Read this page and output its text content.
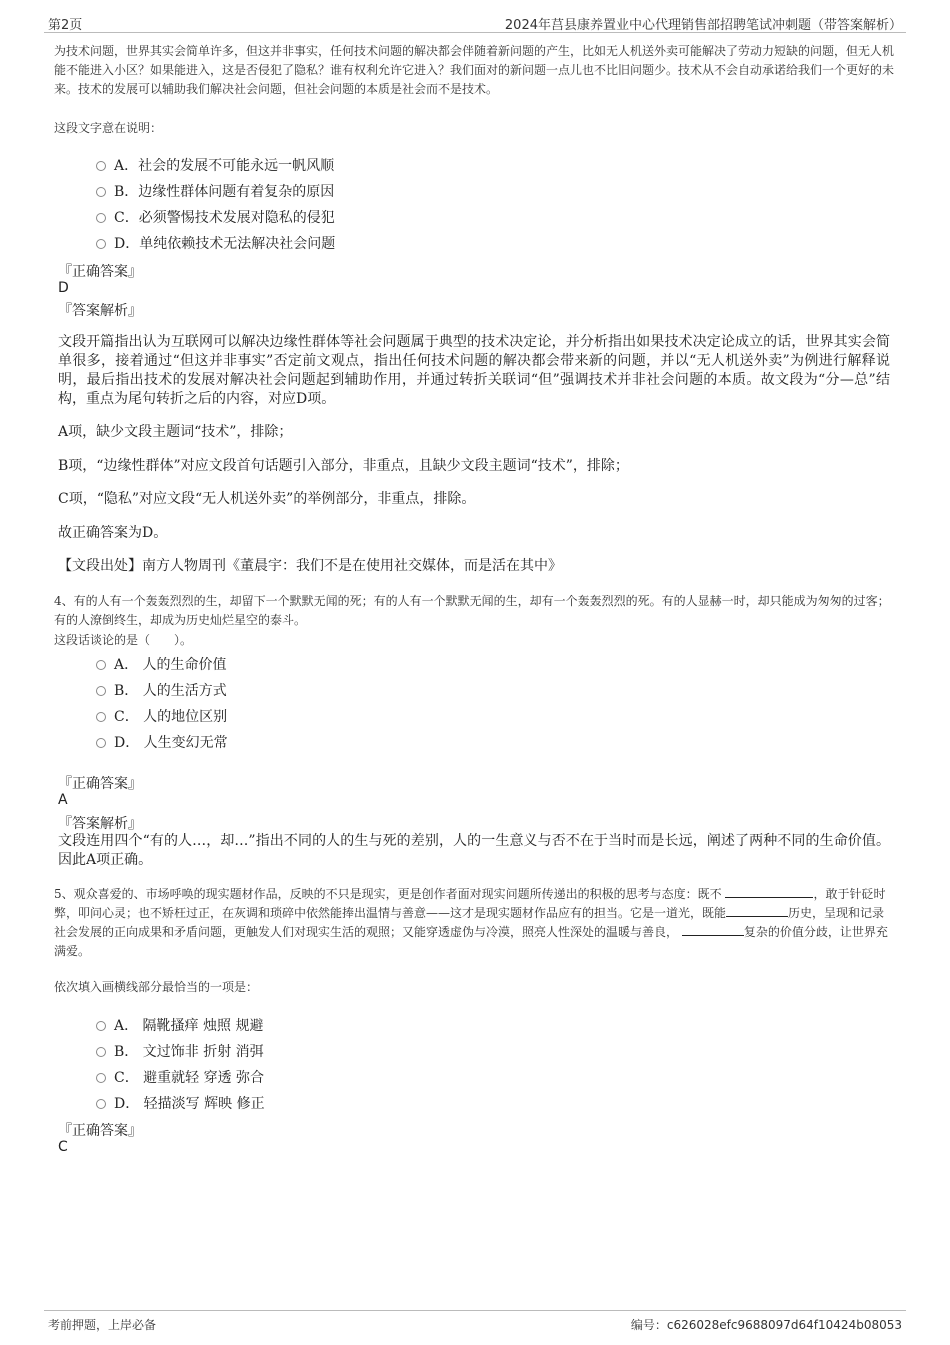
第2页	2024年莒县康养置业中心代理销售部招聘笔试冲刺题（带答案解析）
为技术问题，世界其实会简单许多，但这并非事实，任何技术问题的解决都会伴随着新问题的产生，比如无人机送外卖可能解决了劳动力短缺的问题，但无人机能不能进入小区？如果能进入，这是否侵犯了隐私？谁有权利允许它进入？我们面对的新问题一点儿也不比旧问题少。技术从不会自动承诺给我们一个更好的未来。技术的发展可以辅助我们解决社会问题，但社会问题的本质是社会而不是技术。
这段文字意在说明：
A．社会的发展不可能永远一帆风顺
B．边缘性群体问题有着复杂的原因
C．必须警惕技术发展对隐私的侵犯
D．单纯依赖技术无法解决社会问题
『正确答案』
D
『答案解析』
文段开篇指出认为互联网可以解决边缘性群体等社会问题属于典型的技术决定论，并分析指出如果技术决定论成立的话，世界其实会简单很多，接着通过“但这并非事实”否定前文观点，指出任何技术问题的解决都会带来新的问题，并以“无人机送外卖”为例进行解释说明，最后指出技术的发展对解决社会问题起到辅助作用，并通过转折关联词“但”强调技术并非社会问题的本质。故文段为“分—总”结构，重点为尾句转折之后的内容，对应D项。
A项，缺少文段主题词“技术”，排除；
B项，“边缘性群体”对应文段首句话题引入部分，非重点，且缺少文段主题词“技术”，排除；
C项，“隐私”对应文段“无人机送外卖”的举例部分，非重点，排除。
故正确答案为D。
【文段出处】南方人物周刊《董晨宇：我们不是在使用社交媒体，而是活在其中》
4、有的人有一个轰轰烈烈的生，却留下一个默默无闻的死；有的人有一个默默无闻的生，却有一个轰轰烈烈的死。有的人显赫一时，却只能成为匆匆的过客；有的人潦倒终生，却成为历史灿烂星空的泰斗。
这段话谈论的是（　　）。
A． 人的生命价值
B． 人的生活方式
C． 人的地位区别
D． 人生变幻无常
『正确答案』
A
『答案解析』
文段连用四个“有的人…，却…”指出不同的人的生与死的差别，人的一生意义与否不在于当时而是长远，阐述了两种不同的生命价值。因此A项正确。
5、观众喜爱的、市场呼唤的现实题材作品，反映的不只是现实，更是创作者面对现实问题所传递出的积极的思考与态度：既不	，敢于针砭时弊，叩问心灵；也不矫枉过正，在灰调和琐碎中依然能捧出温情与善意——这才是现实题材作品应有的担当。它是一道光，既能	历史，呈现和记录社会发展的正向成果和矛盾问题，更触发人们对现实生活的观照；又能穿透虚伪与冷漠，照亮人性深处的温暖与善良，	复杂的价值分歧，让世界充满爱。
依次填入画横线部分最恰当的一项是：
A． 隔靴搔痒 烛照 规避
B． 文过饰非 折射 消弭
C． 避重就轻 穿透 弥合
D． 轻描淡写 辉映 修正
『正确答案』
C
考前押题，上岸必备	编号：c626028efc9688097d64f10424b08053
